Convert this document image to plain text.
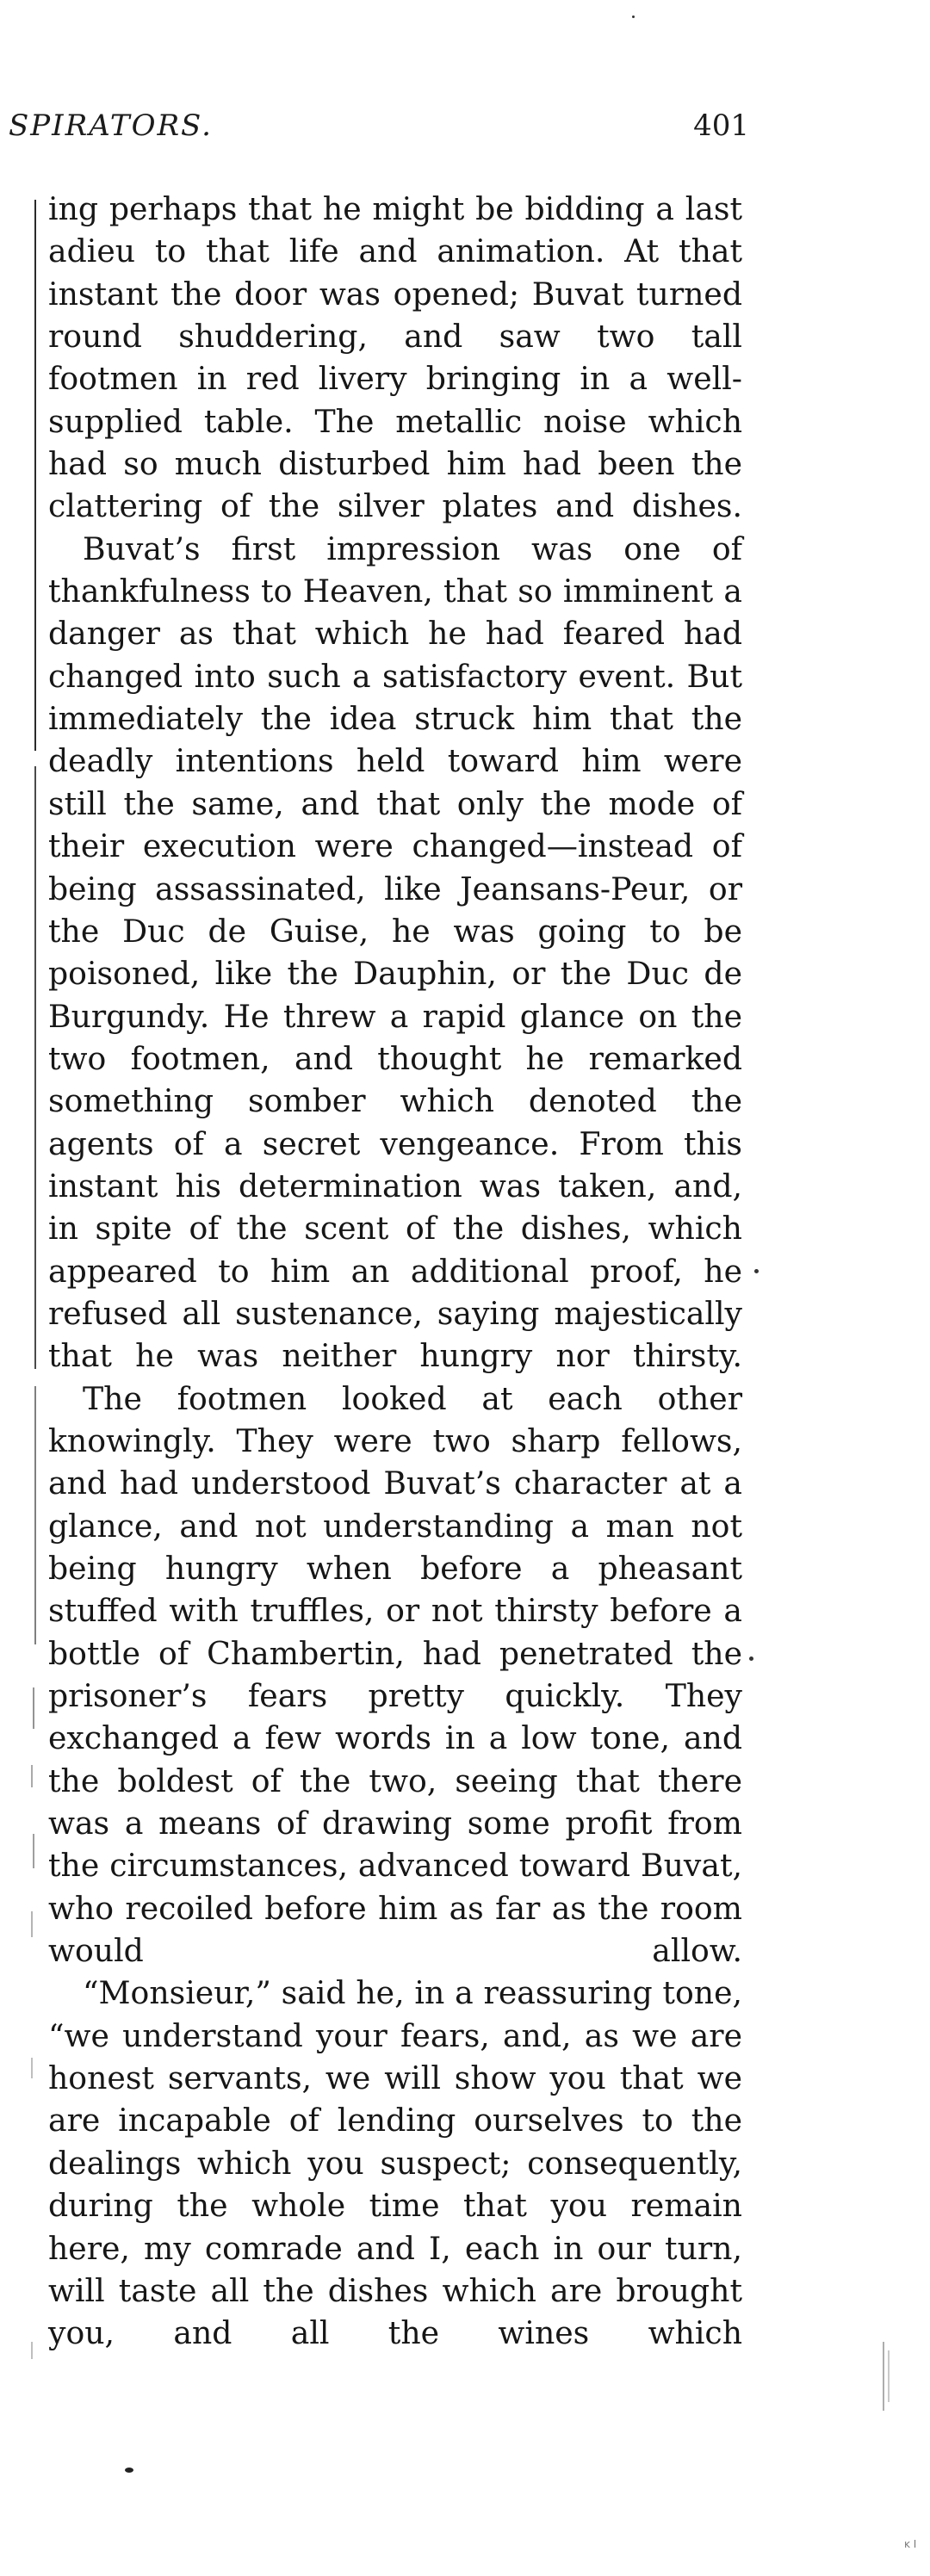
SPIRATORS.	401
ĸ I

ing perhaps that he might be bidding a last adieu to that life and animation. At that instant the door was opened; Buvat turned round shuddering, and saw two tall footmen in red livery bringing in a well-supplied table. The metallic noise which had so much disturbed him had been the clattering of the silver plates and dishes.

Buvat’s first impression was one of thankfulness to Heaven, that so imminent a danger as that which he had feared had changed into such a satisfactory event. But immediately the idea struck him that the deadly intentions held toward him were still the same, and that only the mode of their execution were changed—instead of being assassinated, like Jeansans-Peur, or the Duc de Guise, he was going to be poisoned, like the Dauphin, or the Duc de Burgundy. He threw a rapid glance on the two footmen, and thought he remarked something somber which denoted the agents of a secret vengeance. From this instant his determination was taken, and, in spite of the scent of the dishes, which appeared to him an additional proof, he refused all sustenance, saying majestically that he was neither hungry nor thirsty.

The footmen looked at each other knowingly. They were two sharp fellows, and had understood Buvat’s character at a glance, and not understanding a man not being hungry when before a pheasant stuffed with truffles, or not thirsty before a bottle of Chambertin, had penetrated the prisoner’s fears pretty quickly. They exchanged a few words in a low tone, and the boldest of the two, seeing that there was a means of drawing some profit from the circumstances, advanced toward Buvat, who recoiled before him as far as the room would allow.

“Monsieur,” said he, in a reassuring tone, “we understand your fears, and, as we are honest servants, we will show you that we are incapable of lending ourselves to the dealings which you suspect; consequently, during the whole time that you remain here, my comrade and I, each in our turn, will taste all the dishes which are brought you, and all the wines which
